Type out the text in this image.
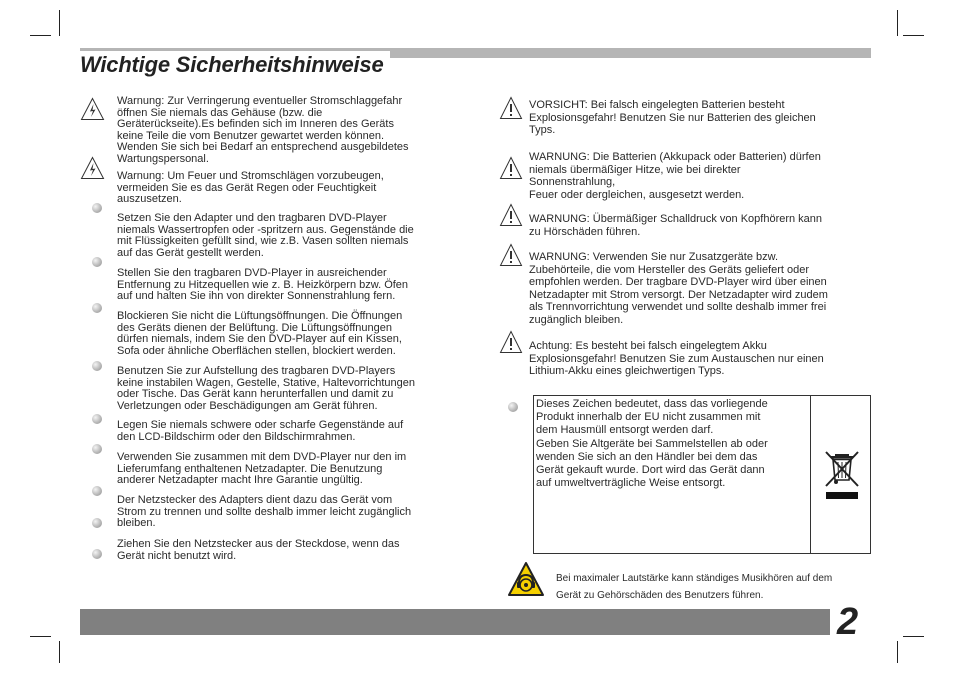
Wichtige Sicherheitshinweise

Warnung: Zur Verringerung eventueller Stromschlaggefahr
öffnen Sie niemals das Gehäuse (bzw. die
Geräterückseite).Es befinden sich im Inneren des Geräts
keine Teile die vom Benutzer gewartet werden können.
Wenden Sie sich bei Bedarf an entsprechend ausgebildetes
Wartungspersonal.

Warnung: Um Feuer und Stromschlägen vorzubeugen,
vermeiden Sie es das Gerät Regen oder Feuchtigkeit
auszusetzen.

Setzen Sie den Adapter und den tragbaren DVD-Player
niemals Wassertropfen oder -spritzern aus. Gegenstände die
mit Flüssigkeiten gefüllt sind, wie z.B. Vasen sollten niemals
auf das Gerät gestellt werden.

Stellen Sie den tragbaren DVD-Player in ausreichender
Entfernung zu Hitzequellen wie z. B. Heizkörpern bzw. Öfen
auf und halten Sie ihn von direkter Sonnenstrahlung fern.

Blockieren Sie nicht die Lüftungsöffnungen. Die Öffnungen
des Geräts dienen der Belüftung. Die Lüftungsöffnungen
dürfen niemals, indem Sie den DVD-Player auf ein Kissen,
Sofa oder ähnliche Oberflächen stellen, blockiert werden.

Benutzen Sie zur Aufstellung des tragbaren DVD-Players
keine instabilen Wagen, Gestelle, Stative, Haltevorrichtungen
oder Tische. Das Gerät kann herunterfallen und damit zu
Verletzungen oder Beschädigungen am Gerät führen.

Legen Sie niemals schwere oder scharfe Gegenstände auf
den LCD-Bildschirm oder den Bildschirmrahmen.

Verwenden Sie zusammen mit dem DVD-Player nur den im
Lieferumfang enthaltenen Netzadapter. Die Benutzung
anderer Netzadapter macht Ihre Garantie ungültig.

Der Netzstecker des Adapters dient dazu das Gerät vom
Strom zu trennen und sollte deshalb immer leicht zugänglich
bleiben.

Ziehen Sie den Netzstecker aus der Steckdose, wenn das
Gerät nicht benutzt wird.

VORSICHT: Bei falsch eingelegten Batterien besteht
Explosionsgefahr! Benutzen Sie nur Batterien des gleichen
Typs.

WARNUNG: Die Batterien (Akkupack oder Batterien) dürfen
niemals übermäßiger Hitze, wie bei direkter
Sonnenstrahlung,
Feuer oder dergleichen, ausgesetzt werden.

WARNUNG: Übermäßiger Schalldruck von Kopfhörern kann
zu Hörschäden führen.

WARNUNG: Verwenden Sie nur Zusatzgeräte bzw.
Zubehörteile, die vom Hersteller des Geräts geliefert oder
empfohlen werden. Der tragbare DVD-Player wird über einen
Netzadapter mit Strom versorgt. Der Netzadapter wird zudem
als Trennvorrichtung verwendet und sollte deshalb immer frei
zugänglich bleiben.

Achtung: Es besteht bei falsch eingelegtem Akku
Explosionsgefahr! Benutzen Sie zum Austauschen nur einen
Lithium-Akku eines gleichwertigen Typs.

Dieses Zeichen bedeutet, dass das vorliegende
Produkt innerhalb der EU nicht zusammen mit
dem Hausmüll entsorgt werden darf.
Geben Sie Altgeräte bei Sammelstellen ab oder
wenden Sie sich an den Händler bei dem das
Gerät gekauft wurde. Dort wird das Gerät dann
auf umweltverträgliche Weise entsorgt.
Bei maximaler Lautstärke kann ständiges Musikhören auf dem
Gerät zu Gehörschäden des Benutzers führen.
2
